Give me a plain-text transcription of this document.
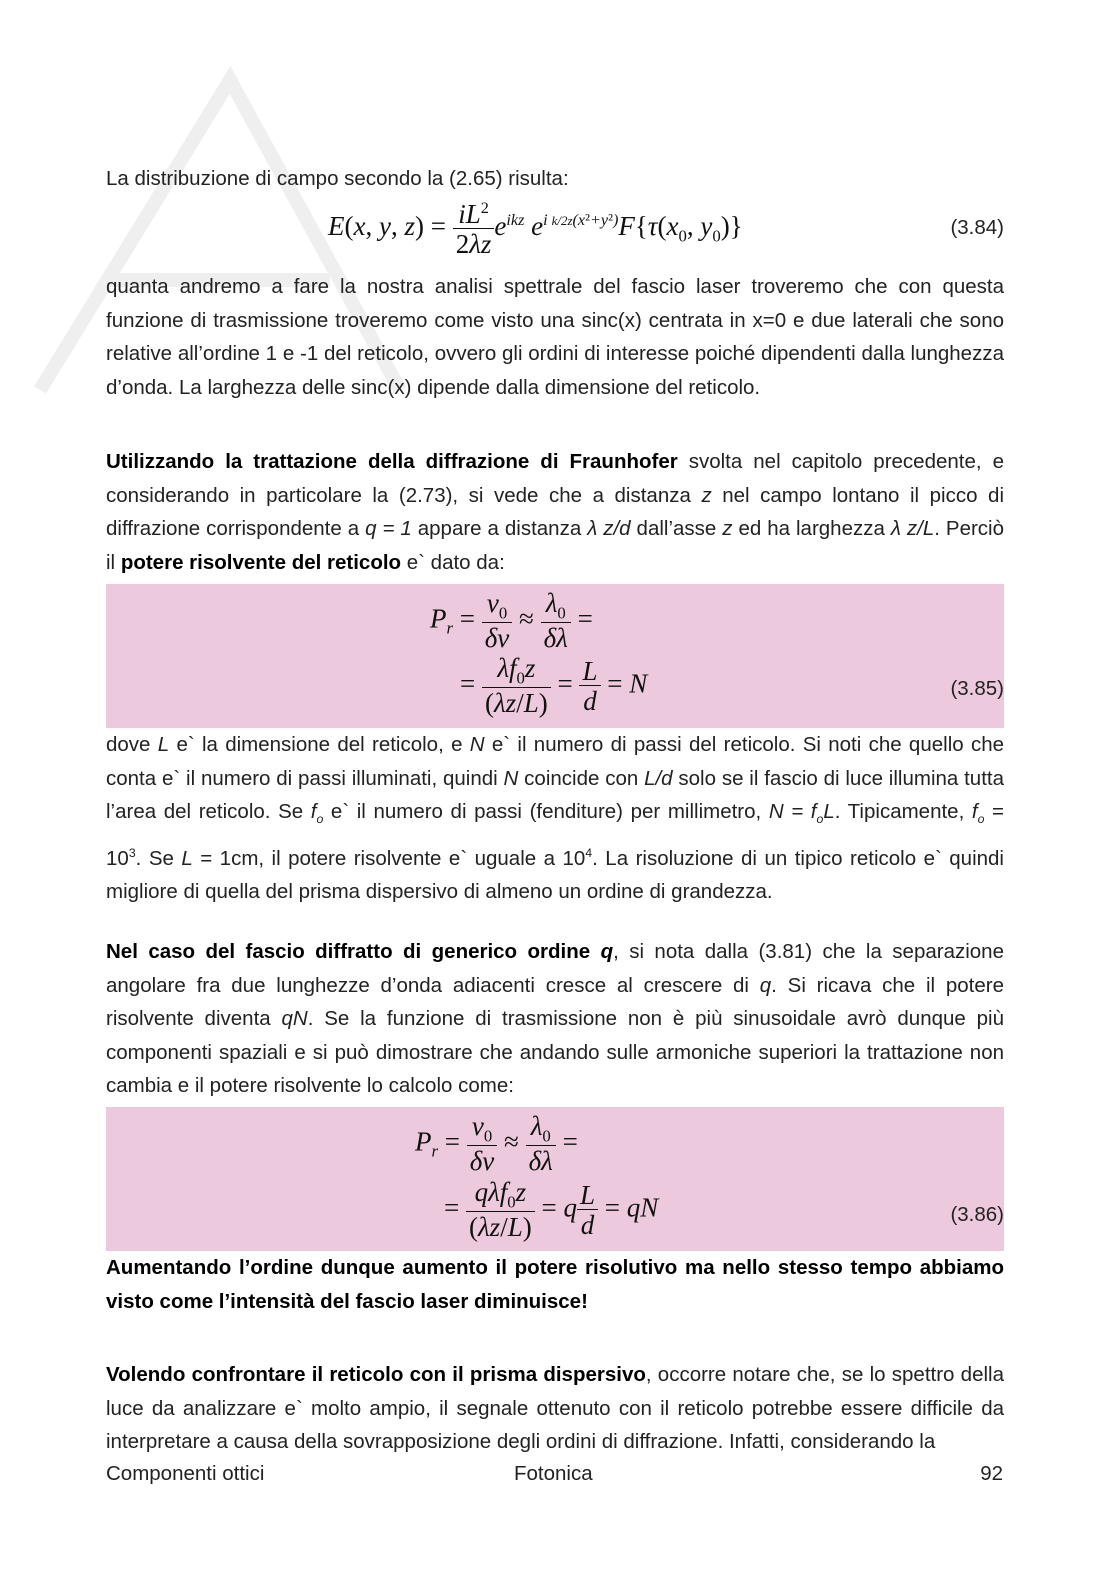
La distribuzione di campo secondo la (2.65) risulta:

E(x, y, $z) = \frac{iL^2}{2\lambda z} e^{ikz}$ $e^{i k/2z(x^2+y^2)}F\{\tau(x_0$, $y_0$)}	(3.84)

quanta andremo a fare la nostra analisi spettrale del fascio laser troveremo che con questa funzione di trasmissione troveremo come visto una sinc(x) centrata in x=0 e due laterali che sono relative all’ordine 1 e -1 del reticolo, ovvero gli ordini di interesse poiché dipendenti dalla lunghezza d’onda. La larghezza delle sinc(x) dipende dalla dimensione del reticolo.

Utilizzando la trattazione della diffrazione di Fraunhofer svolta nel capitolo precedente, e considerando in particolare la (2.73), si vede che a distanza z nel campo lontano il picco di diffrazione corrispondente a q = 1 appare a distanza λ z/d dall’asse z ed ha larghezza λ z/L. Perciò il potere risolvente del reticolo e` dato da:

$P_r = \frac{\nu_0}{\delta\nu} \approx \frac{\lambda_0}{\delta\lambda}$ =
= $\frac{\lambda f_0z}{(\lambda z/L)} = \frac{L}{d} = N$	(3.85)

dove L e` la dimensione del reticolo, e N e` il numero di passi del reticolo. Si noti che quello che conta e` il numero di passi illuminati, quindi N coincide con L/d solo se il fascio di luce illumina tutta l’area del reticolo. Se $f_o$ e` il numero di passi (fenditure) per millimetro, $N = f_oL$. Tipicamente, $f_o = 10^3$. Se L = 1cm, il potere risolvente e` uguale a $10^4$. La risoluzione di un tipico reticolo e` quindi migliore di quella del prisma dispersivo di almeno un ordine di grandezza.

Nel caso del fascio diffratto di generico ordine q, si nota dalla (3.81) che la separazione angolare fra due lunghezze d’onda adiacenti cresce al crescere di q. Si ricava che il potere risolvente diventa qN. Se la funzione di trasmissione non è più sinusoidale avrò dunque più componenti spaziali e si può dimostrare che andando sulle armoniche superiori la trattazione non cambia e il potere risolvente lo calcolo come:

$P_r = \frac{\nu_0}{\delta\nu} \approx \frac{\lambda_0}{\delta\lambda}$ =
= $\frac{q\lambda f_0z}{(\lambda z/L)} = q \frac{L}{d}$ = qN	(3.86)

Aumentando l’ordine dunque aumento il potere risolutivo ma nello stesso tempo abbiamo visto come l’intensità del fascio laser diminuisce!

Volendo confrontare il reticolo con il prisma dispersivo, occorre notare che, se lo spettro della luce da analizzare e` molto ampio, il segnale ottenuto con il reticolo potrebbe essere difficile da interpretare a causa della sovrapposizione degli ordini di diffrazione. Infatti, considerando la

Componenti ottici	Fotonica	92
